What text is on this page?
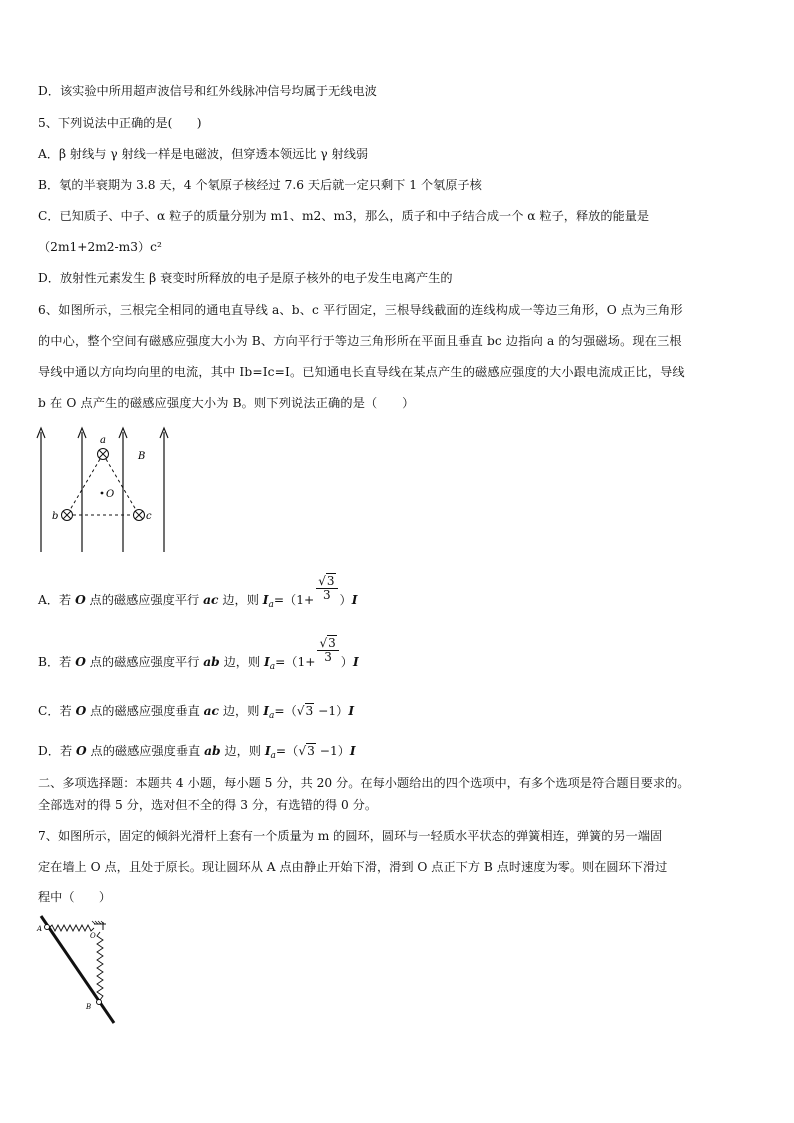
D．该实验中所用超声波信号和红外线脉冲信号均属于无线电波
5、下列说法中正确的是(　　)
A．β 射线与 γ 射线一样是电磁波，但穿透本领远比 γ 射线弱
B．氡的半衰期为 3.8 天，4 个氡原子核经过 7.6 天后就一定只剩下 1 个氡原子核
C．已知质子、中子、α 粒子的质量分别为 m1、m2、m3，那么，质子和中子结合成一个 α 粒子，释放的能量是
（2m1+2m2-m3）c²
D．放射性元素发生 β 衰变时所释放的电子是原子核外的电子发生电离产生的
6、如图所示，三根完全相同的通电直导线 a、b、c 平行固定，三根导线截面的连线构成一等边三角形，O 点为三角形
的中心，整个空间有磁感应强度大小为 B、方向平行于等边三角形所在平面且垂直 bc 边指向 a 的匀强磁场。现在三根
导线中通以方向均向里的电流，其中 Ib=Ic=I。已知通电长直导线在某点产生的磁感应强度的大小跟电流成正比，导线
b 在 O 点产生的磁感应强度大小为 B。则下列说法正确的是（　　）
a
b	c
O
B
A．若 O 点的磁感应强度平行 ac 边，则 $I_a=(1+ \frac{√3}{3} )I$
B．若 O 点的磁感应强度平行 ab 边，则 $I_a=(1+ \frac{√3}{3} )I$
C．若 O 点的磁感应强度垂直 ac 边，则 $I_a=(√3 -1)I$
D．若 O 点的磁感应强度垂直 ab 边，则 $I_a=(√3 -1)I$
二、多项选择题：本题共 4 小题，每小题 5 分，共 20 分。在每小题给出的四个选项中，有多个选项是符合题目要求的。
全部选对的得 5 分，选对但不全的得 3 分，有选错的得 0 分。
7、如图所示，固定的倾斜光滑杆上套有一个质量为 m 的圆环，圆环与一轻质水平状态的弹簧相连，弹簧的另一端固
定在墙上 O 点，且处于原长。现让圆环从 A 点由静止开始下滑，滑到 O 点正下方 B 点时速度为零。则在圆环下滑过
程中（　　）
A
O
B
